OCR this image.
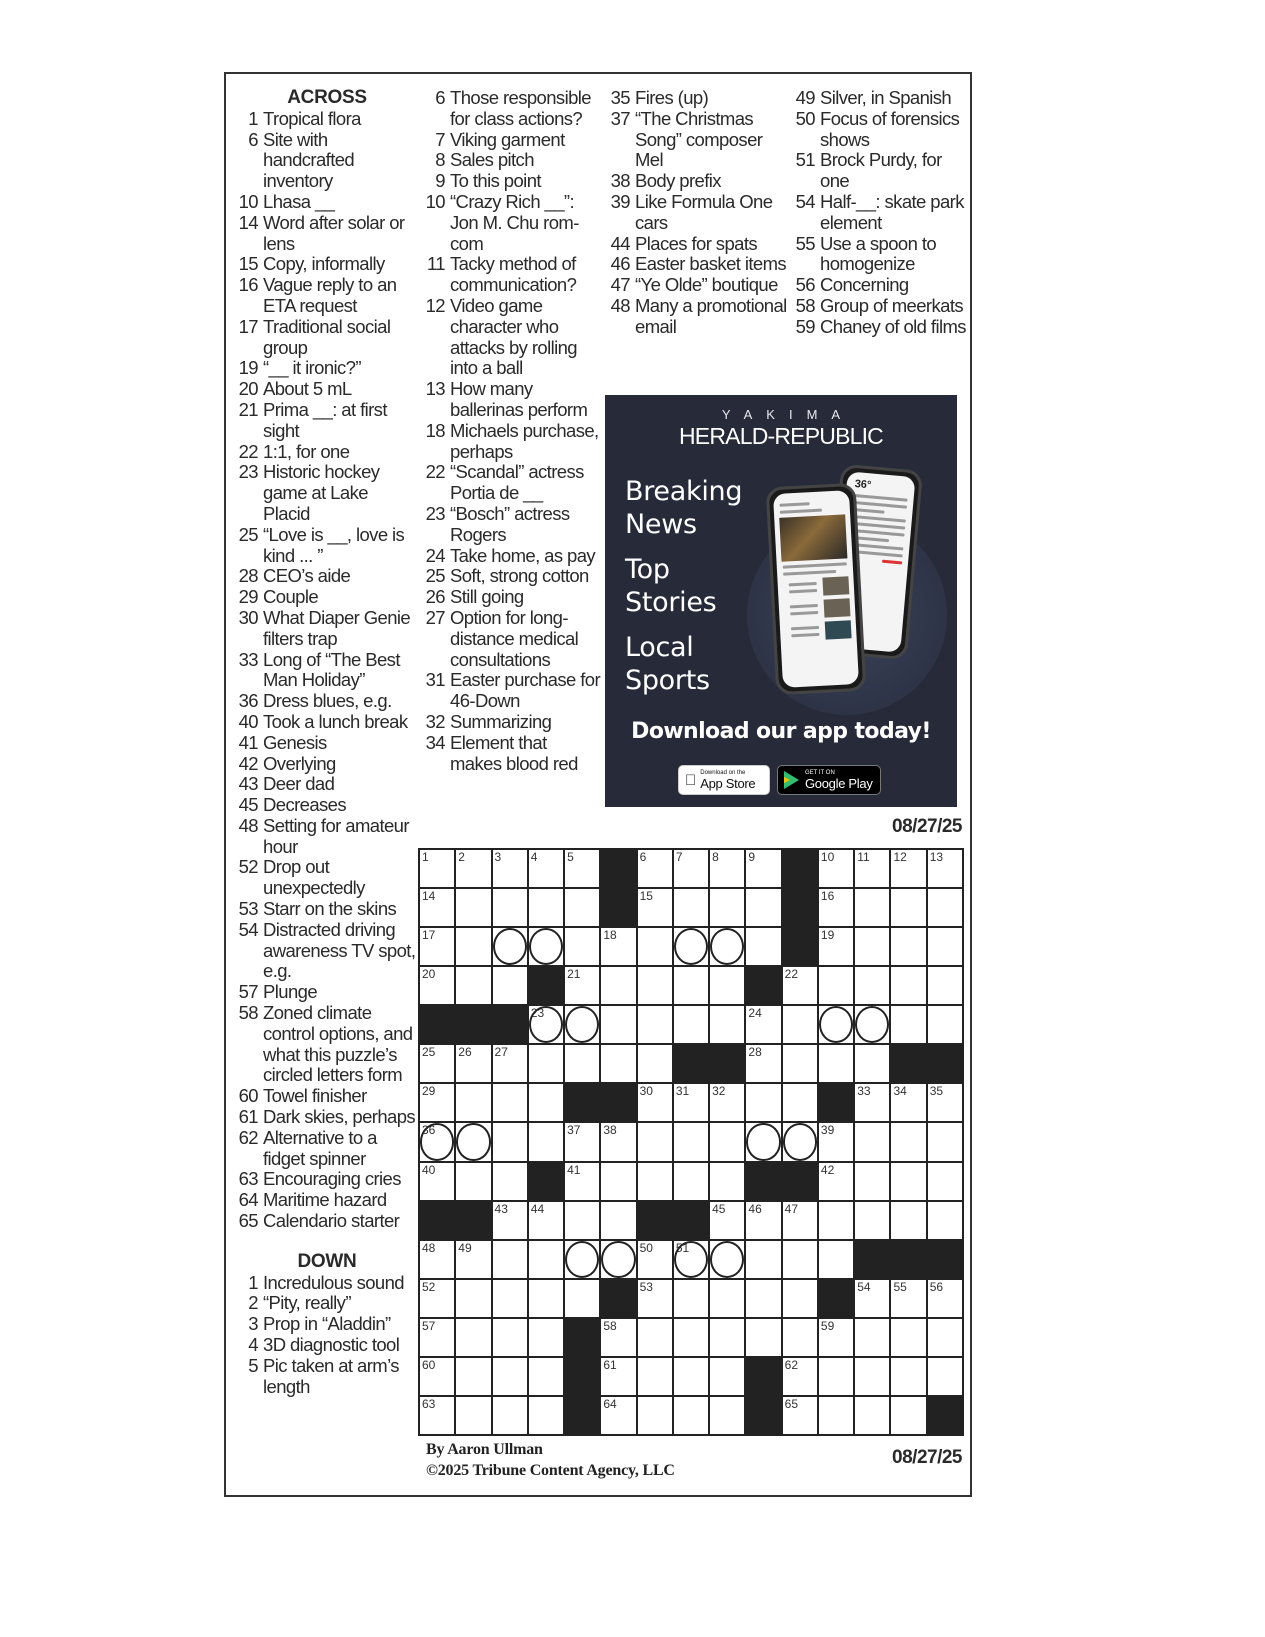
ACROSS
1 Tropical flora
6 Site with handcrafted inventory
10 Lhasa __
14 Word after solar or lens
15 Copy, informally
16 Vague reply to an ETA request
17 Traditional social group
19 “__ it ironic?”
20 About 5 mL
21 Prima __: at first sight
22 1:1, for one
23 Historic hockey game at Lake Placid
25 “Love is __, love is kind ... ”
28 CEO’s aide
29 Couple
30 What Diaper Genie filters trap
33 Long of “The Best Man Holiday”
36 Dress blues, e.g.
40 Took a lunch break
41 Genesis
42 Overlying
43 Deer dad
45 Decreases
48 Setting for amateur hour
52 Drop out unexpectedly
53 Starr on the skins
54 Distracted driving awareness TV spot, e.g.
57 Plunge
58 Zoned climate control options, and what this puzzle’s circled letters form
60 Towel finisher
61 Dark skies, perhaps
62 Alternative to a fidget spinner
63 Encouraging cries
64 Maritime hazard
65 Calendario starter
DOWN
1 Incredulous sound
2 “Pity, really”
3 Prop in “Aladdin”
4 3D diagnostic tool
5 Pic taken at arm’s length
6 Those responsible for class actions?
7 Viking garment
8 Sales pitch
9 To this point
10 “Crazy Rich __”: Jon M. Chu rom-com
11 Tacky method of communication?
12 Video game character who attacks by rolling into a ball
13 How many ballerinas perform
18 Michaels purchase, perhaps
22 “Scandal” actress Portia de __
23 “Bosch” actress Rogers
24 Take home, as pay
25 Soft, strong cotton
26 Still going
27 Option for long-distance medical consultations
31 Easter purchase for 46-Down
32 Summarizing
34 Element that makes blood red
35 Fires (up)
37 “The Christmas Song” composer Mel
38 Body prefix
39 Like Formula One cars
44 Places for spats
46 Easter basket items
47 “Ye Olde” boutique
48 Many a promotional email
49 Silver, in Spanish
50 Focus of forensics shows
51 Brock Purdy, for one
54 Half-__: skate park element
55 Use a spoon to homogenize
56 Concerning
58 Group of meerkats
59 Chaney of old films
YAKIMA
HERALD-REPUBLIC
Breaking News
Top Stories
Local Sports
36°
Download our app today!
Download on the
App Store
GET IT ON
Google Play
08/27/25
1 2 3 4 5	6 7 8 9	10 11 12 13
14	15	16
17	18	19
20	21	22
23	24
25 26 27	28
29	30 31 32	33 34 35
36	37 38	39
40	41	42
43 44	45 46 47
48 49	50 51
52	53	54 55 56
57	58	59
60	61	62
63	64	65
By Aaron Ullman
©2025 Tribune Content Agency, LLC
08/27/25
